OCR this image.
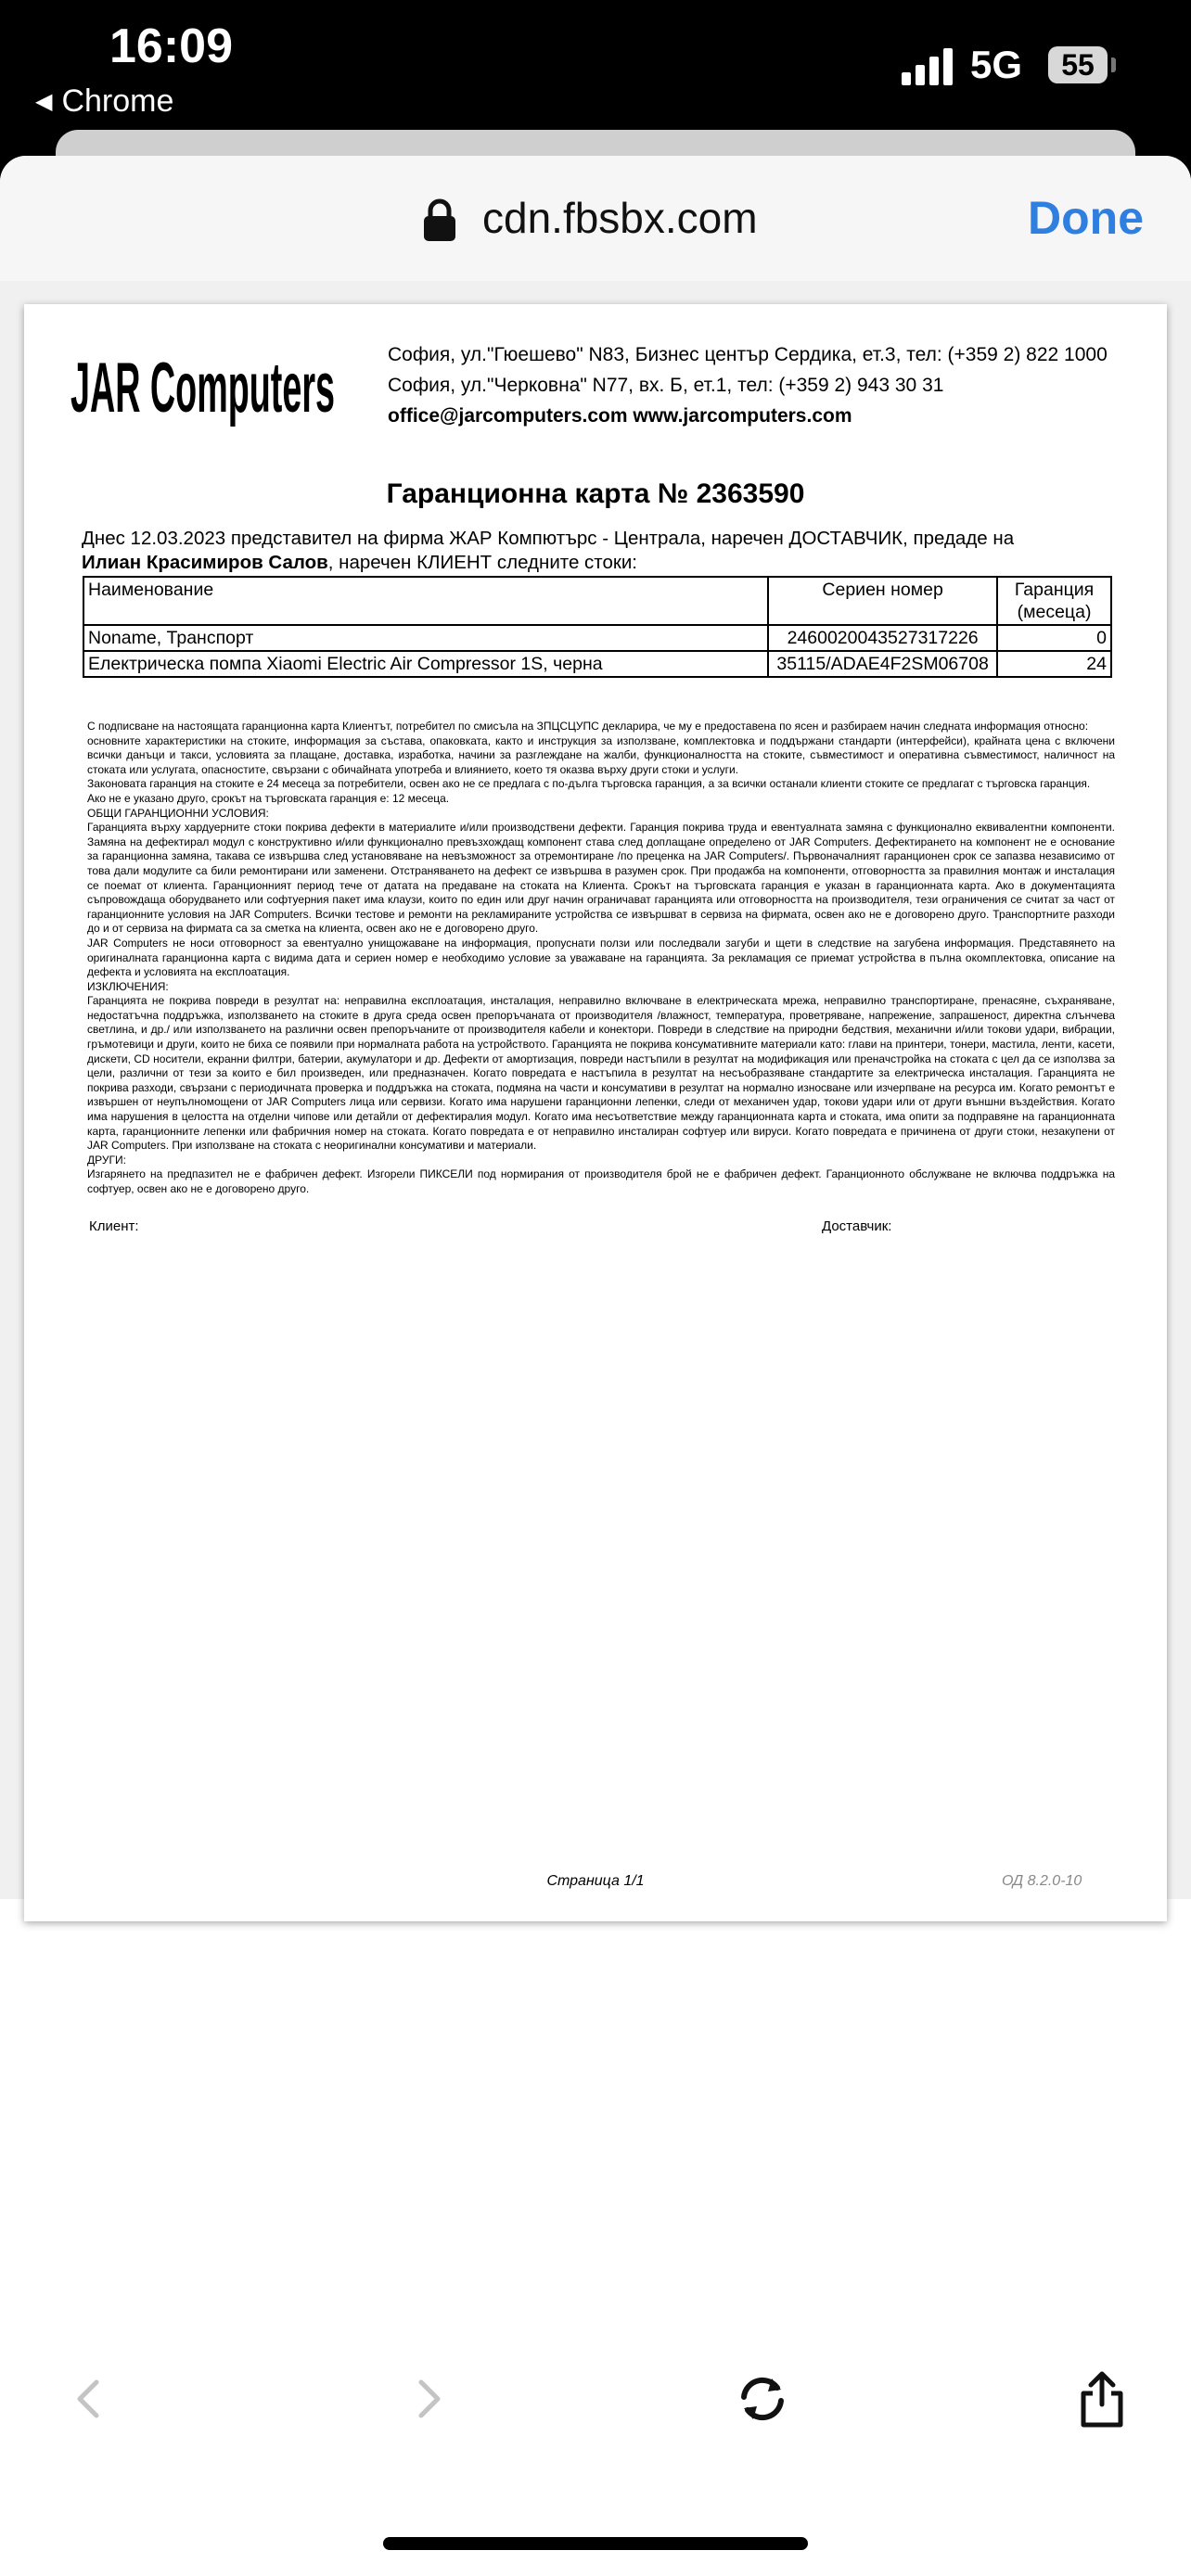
16:09
◀ Chrome
5G	55
cdn.fbsbx.com	Done
JAR Computers	София, ул."Гюешево" N83, Бизнес център Сердика, ет.3, тел: (+359 2) 822 1000
София, ул."Черковна" N77, вх. Б, ет.1, тел: (+359 2) 943 30 31
office@jarcomputers.com www.jarcomputers.com
Гаранционна карта № 2363590
Днес 12.03.2023 представител на фирма ЖАР Компютърс - Централа, наречен ДОСТАВЧИК, предаде на
Илиан Красимиров Салов, наречен КЛИЕНТ следните стоки:
Наименование	Сериен номер	Гаранция (месеца)
Noname, Транспорт	2460020043527317226	0
Електрическа помпа Xiaomi Electric Air Compressor 1S, черна	35115/ADAE4F2SM06708	24

С подписване на настоящата гаранционна карта Клиентът, потребител по смисъла на ЗПЦСЦУПС декларира, че му е предоставена по ясен и разбираем начин следната информация относно:

основните характеристики на стоките, информация за състава, опаковката, както и инструкция за използване, комплектовка и поддържани стандарти (интерфейси), крайната цена с включени всички данъци и такси, условията за плащане, доставка, изработка, начини за разглеждане на жалби, функционалността на стоките, съвместимост и оперативна съвместимост, наличност на стоката или услугата, опасностите, свързани с обичайната употреба и влиянието, което тя оказва върху други стоки и услуги.

Законовата гаранция на стоките е 24 месеца за потребители, освен ако не се предлага с по-дълга търговска гаранция, а за всички останали клиенти стоките се предлагат с търговска гаранция.

Ако не е указано друго, срокът на търговската гаранция е: 12 месеца.

ОБЩИ ГАРАНЦИОННИ УСЛОВИЯ:

Гаранцията върху хардуерните стоки покрива дефекти в материалите и/или производствени дефекти. Гаранция покрива труда и евентуалната замяна с функционално еквивалентни компоненти. Замяна на дефектирал модул с конструктивно и/или функционално превъзхождащ компонент става след доплащане определено от JAR Computers. Дефектирането на компонент не е основание за гаранционна замяна, такава се извършва след установяване на невъзможност за отремонтиране /по преценка на JAR Computers/. Първоначалният гаранционен срок се запазва независимо от това дали модулите са били ремонтирани или заменени. Отстраняването на дефект се извършва в разумен срок. При продажба на компоненти, отговорността за правилния монтаж и инсталация се поемат от клиента. Гаранционният период тече от датата на предаване на стоката на Клиента. Срокът на търговската гаранция е указан в гаранционната карта. Ако в документацията съпровождаща оборудването или софтуерния пакет има клаузи, които по един или друг начин ограничават гаранцията или отговорността на производителя, тези ограничения се считат за част от гаранционните условия на JAR Computers. Всички тестове и ремонти на рекламираните устройства се извършват в сервиза на фирмата, освен ако не е договорено друго. Транспортните разходи до и от сервиза на фирмата са за сметка на клиента, освен ако не е договорено друго.

JAR Computers не носи отговорност за евентуално унищожаване на информация, пропуснати ползи или последвали загуби и щети в следствие на загубена информация. Представянето на оригиналната гаранционна карта с видима дата и сериен номер е необходимо условие за уважаване на гаранцията. За рекламация се приемат устройства в пълна окомплектовка, описание на дефекта и условията на експлоатация.

ИЗКЛЮЧЕНИЯ:

Гаранцията не покрива повреди в резултат на: неправилна експлоатация, инсталация, неправилно включване в електрическата мрежа, неправилно транспортиране, пренасяне, съхраняване, недостатъчна поддръжка, използването на стоките в друга среда освен препоръчаната от производителя /влажност, температура, проветряване, напрежение, запрашеност, директна слънчева светлина, и др./ или използването на различни освен препоръчаните от производителя кабели и конектори. Повреди в следствие на природни бедствия, механични и/или токови удари, вибрации, гръмотевици и други, които не биха се появили при нормалната работа на устройството. Гаранцията не покрива консумативните материали като: глави на принтери, тонери, мастила, ленти, касети, дискети, CD носители, екранни филтри, батерии, акумулатори и др. Дефекти от амортизация, повреди настъпили в резултат на модификация или преначстройка на стоката с цел да се използва за цели, различни от тези за които е бил произведен, или предназначен. Когато повредата е настъпила в резултат на несъобразяване стандартите за електрическа инсталация. Гаранцията не покрива разходи, свързани с периодичната проверка и поддръжка на стоката, подмяна на части и консумативи в резултат на нормално износване или изчерпване на ресурса им. Когато ремонтът е извършен от неупълномощени от JAR Computers лица или сервизи. Когато има нарушени гаранционни лепенки, следи от механичен удар, токови удари или от други външни въздействия. Когато има нарушения в целостта на отделни чипове или детайли от дефектиралия модул. Когато има несъответствие между гаранционната карта и стоката, има опити за подправяне на гаранционната карта, гаранционните лепенки или фабричния номер на стоката. Когато повредата е от неправилно инсталиран софтуер или вируси. Когато повредата е причинена от други стоки, незакупени от JAR Computers. При използване на стоката с неоригинални консумативи и материали.

ДРУГИ:

Изгарянето на предпазител не е фабричен дефект. Изгорели ПИКСЕЛИ под нормирания от производителя брой не е фабричен дефект. Гаранционното обслужване не включва поддръжка на софтуер, освен ако не е договорено друго.

Клиент:	Доставчик:
Страница 1/1	ОД 8.2.0-10
